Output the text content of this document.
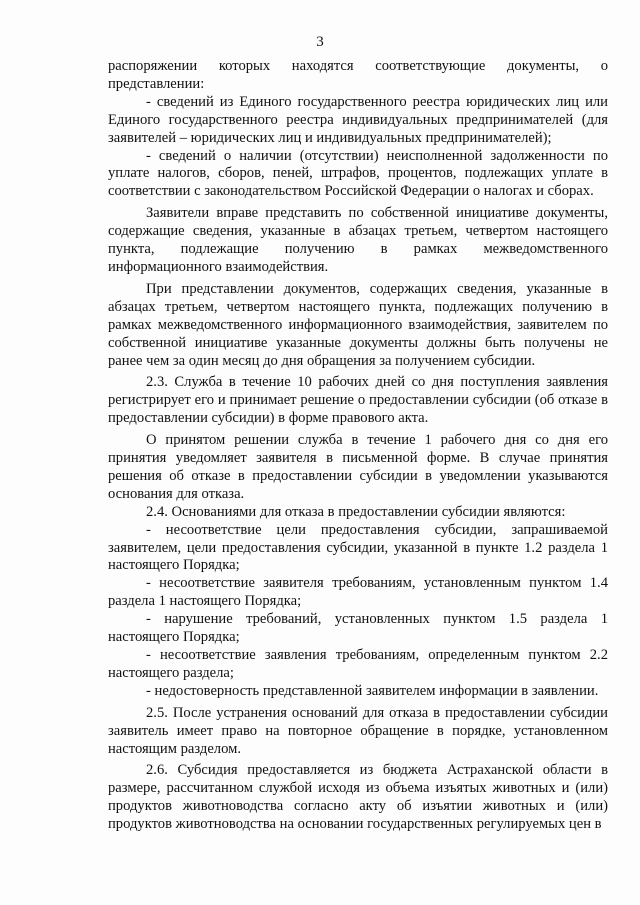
3

распоряжении которых находятся соответствующие документы, о представлении:

- сведений из Единого государственного реестра юридических лиц или Единого государственного реестра индивидуальных предпринимателей (для заявителей – юридических лиц и индивидуальных предпринимателей);

- сведений о наличии (отсутствии) неисполненной задолженности по уплате налогов, сборов, пеней, штрафов, процентов, подлежащих уплате в соответствии с законодательством Российской Федерации о налогах и сборах.

Заявители вправе представить по собственной инициативе документы, содержащие сведения, указанные в абзацах третьем, четвертом настоящего пункта, подлежащие получению в рамках межведомственного информационного взаимодействия.

При представлении документов, содержащих сведения, указанные в абзацах третьем, четвертом настоящего пункта, подлежащих получению в рамках межведомственного информационного взаимодействия, заявителем по собственной инициативе указанные документы должны быть получены не ранее чем за один месяц до дня обращения за получением субсидии.

2.3. Служба в течение 10 рабочих дней со дня поступления заявления регистрирует его и принимает решение о предоставлении субсидии (об отказе в предоставлении субсидии) в форме правового акта.

О принятом решении служба в течение 1 рабочего дня со дня его принятия уведомляет заявителя в письменной форме. В случае принятия решения об отказе в предоставлении субсидии в уведомлении указываются основания для отказа.

2.4. Основаниями для отказа в предоставлении субсидии являются:

- несоответствие цели предоставления субсидии, запрашиваемой заявителем, цели предоставления субсидии, указанной в пункте 1.2 раздела 1 настоящего Порядка;

- несоответствие заявителя требованиям, установленным пунктом 1.4 раздела 1 настоящего Порядка;

- нарушение требований, установленных пунктом 1.5 раздела 1 настоящего Порядка;

- несоответствие заявления требованиям, определенным пунктом 2.2 настоящего раздела;

- недостоверность представленной заявителем информации в заявлении.

2.5. После устранения оснований для отказа в предоставлении субсидии заявитель имеет право на повторное обращение в порядке, установленном настоящим разделом.

2.6. Субсидия предоставляется из бюджета Астраханской области в размере, рассчитанном службой исходя из объема изъятых животных и (или) продуктов животноводства согласно акту об изъятии животных и (или) продуктов животноводства на основании государственных регулируемых цен в
